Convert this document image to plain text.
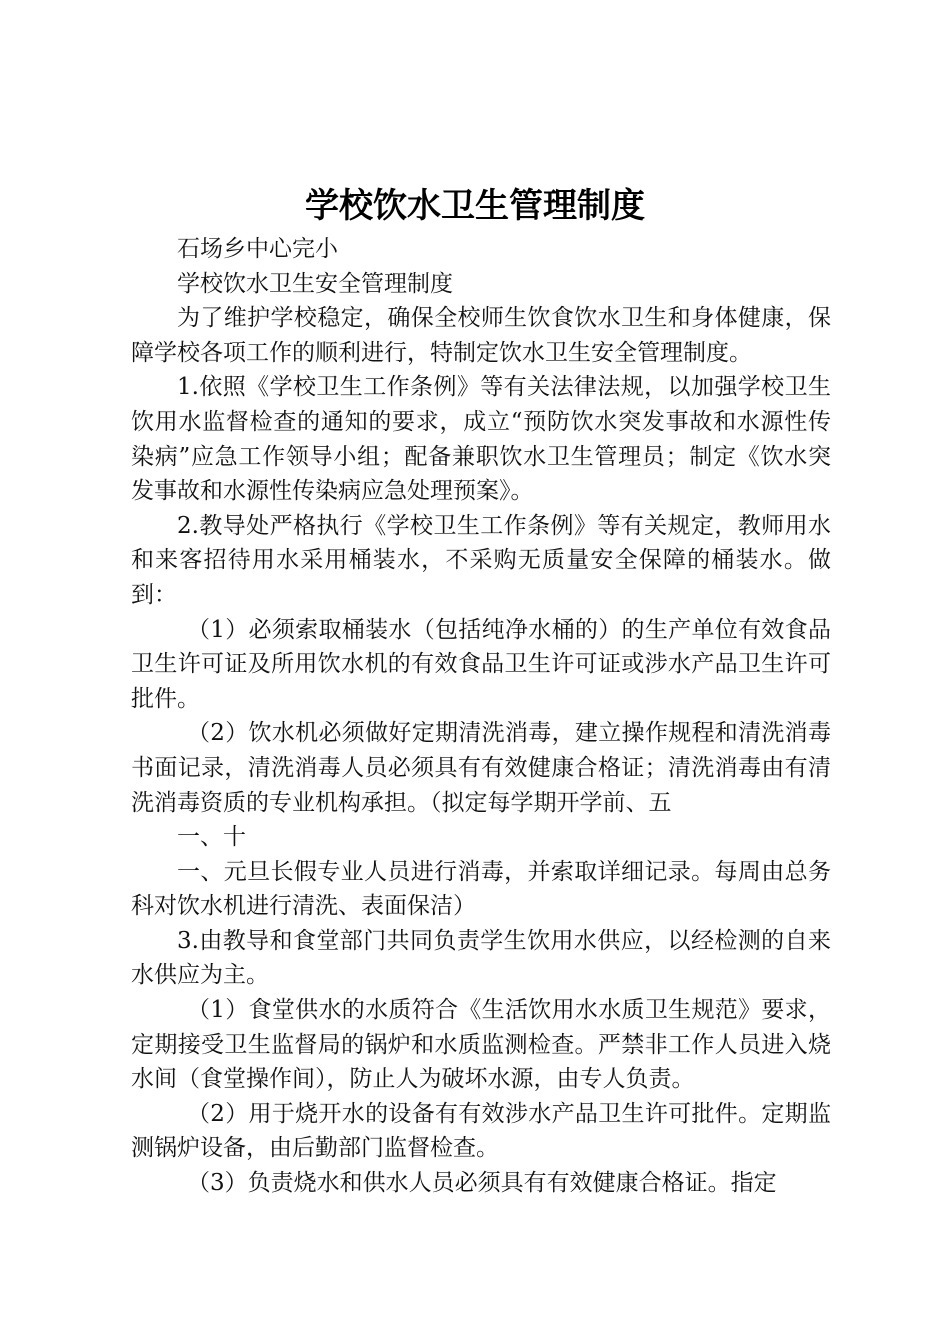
学校饮水卫生管理制度

石场乡中心完小

学校饮水卫生安全管理制度

为了维护学校稳定，确保全校师生饮食饮水卫生和身体健康，保障学校各项工作的顺利进行，特制定饮水卫生安全管理制度。

1.依照《学校卫生工作条例》等有关法律法规，以加强学校卫生饮用水监督检查的通知的要求，成立“预防饮水突发事故和水源性传染病”应急工作领导小组；配备兼职饮水卫生管理员；制定《饮水突发事故和水源性传染病应急处理预案》。

2.教导处严格执行《学校卫生工作条例》等有关规定，教师用水和来客招待用水采用桶装水，不采购无质量安全保障的桶装水。做到：

（1）必须索取桶装水（包括纯净水桶的）的生产单位有效食品卫生许可证及所用饮水机的有效食品卫生许可证或涉水产品卫生许可批件。

（2）饮水机必须做好定期清洗消毒，建立操作规程和清洗消毒书面记录，清洗消毒人员必须具有有效健康合格证；清洗消毒由有清洗消毒资质的专业机构承担。（拟定每学期开学前、五

一、十

一、元旦长假专业人员进行消毒，并索取详细记录。每周由总务科对饮水机进行清洗、表面保洁）

3.由教导和食堂部门共同负责学生饮用水供应，以经检测的自来水供应为主。

（1）食堂供水的水质符合《生活饮用水水质卫生规范》要求，定期接受卫生监督局的锅炉和水质监测检查。严禁非工作人员进入烧水间（食堂操作间），防止人为破坏水源，由专人负责。

（2）用于烧开水的设备有有效涉水产品卫生许可批件。定期监测锅炉设备，由后勤部门监督检查。

（3）负责烧水和供水人员必须具有有效健康合格证。指定
